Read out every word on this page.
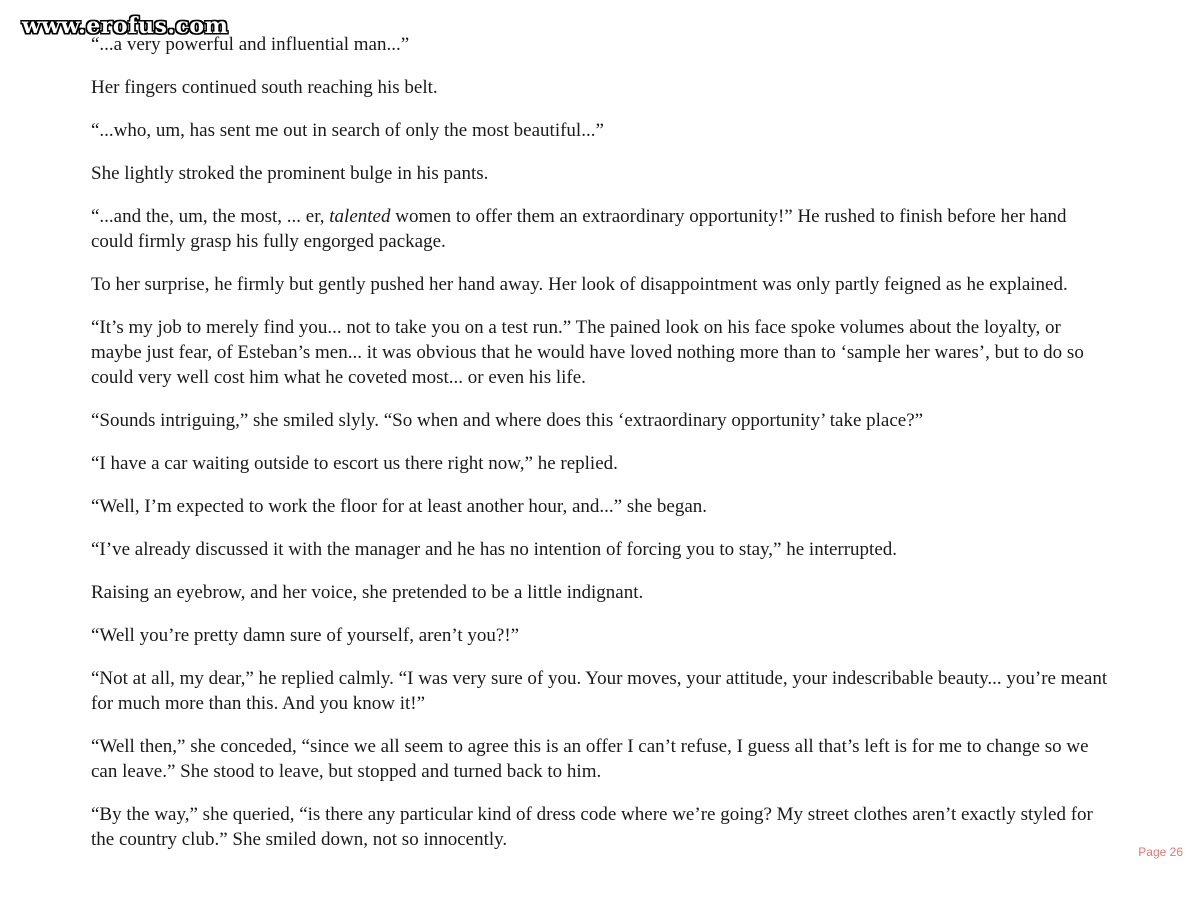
www.erofus.com

“...a very powerful and influential man...”

Her fingers continued south reaching his belt.

“...who, um, has sent me out in search of only the most beautiful...”

She lightly stroked the prominent bulge in his pants.

“...and the, um, the most, ... er, talented women to offer them an extraordinary opportunity!” He rushed to finish before her hand could firmly grasp his fully engorged package.

To her surprise, he firmly but gently pushed her hand away. Her look of disappointment was only partly feigned as he explained.

“It’s my job to merely find you... not to take you on a test run.” The pained look on his face spoke volumes about the loyalty, or maybe just fear, of Esteban’s men... it was obvious that he would have loved nothing more than to ‘sample her wares’, but to do so could very well cost him what he coveted most... or even his life.

“Sounds intriguing,” she smiled slyly. “So when and where does this ‘extraordinary opportunity’ take place?”

“I have a car waiting outside to escort us there right now,” he replied.

“Well, I’m expected to work the floor for at least another hour, and...” she began.

“I’ve already discussed it with the manager and he has no intention of forcing you to stay,” he interrupted.

Raising an eyebrow, and her voice, she pretended to be a little indignant.

“Well you’re pretty damn sure of yourself, aren’t you?!”

“Not at all, my dear,” he replied calmly. “I was very sure of you. Your moves, your attitude, your indescribable beauty... you’re meant for much more than this. And you know it!”

“Well then,” she conceded, “since we all seem to agree this is an offer I can’t refuse, I guess all that’s left is for me to change so we can leave.” She stood to leave, but stopped and turned back to him.

“By the way,” she queried, “is there any particular kind of dress code where we’re going? My street clothes aren’t exactly styled for the country club.” She smiled down, not so innocently.

Page 26
